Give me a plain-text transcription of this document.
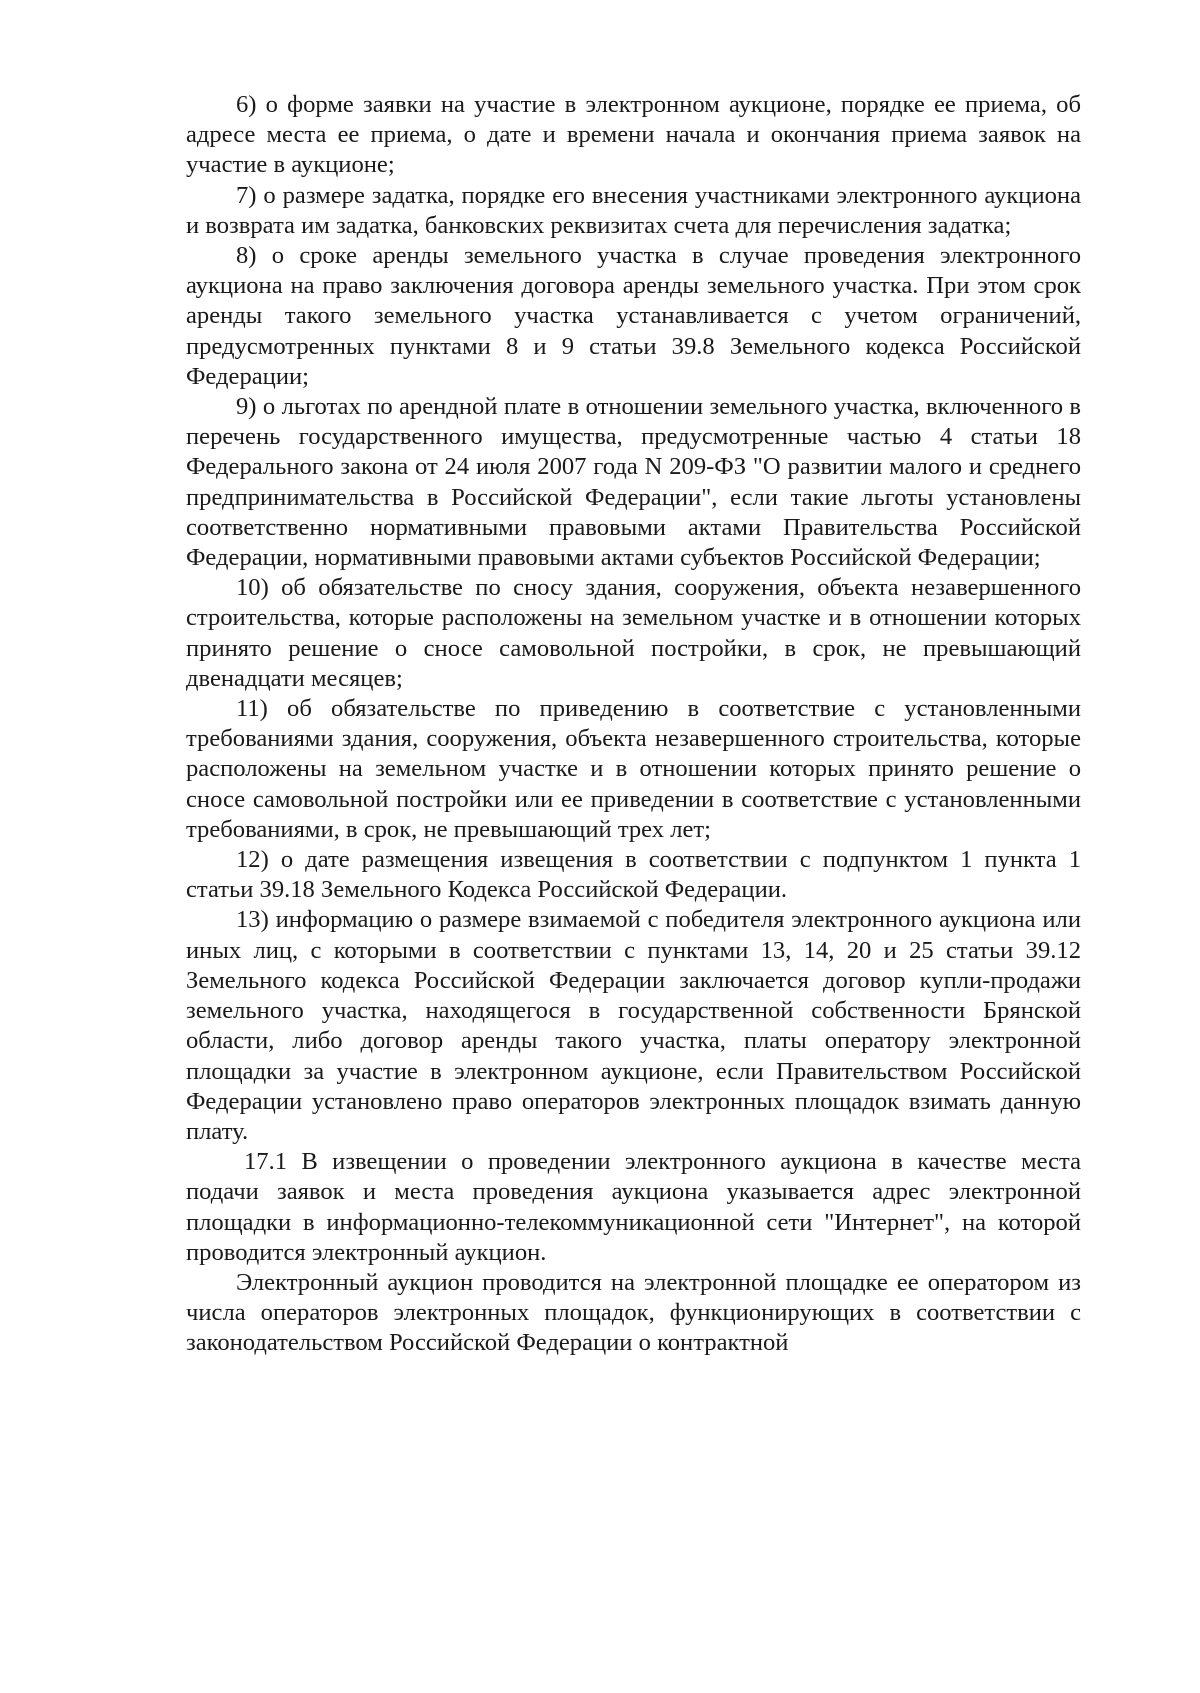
6) о форме заявки на участие в электронном аукционе, порядке ее приема, об адресе места ее приема, о дате и времени начала и окончания приема заявок на участие в аукционе;

7) о размере задатка, порядке его внесения участниками электронного аукциона и возврата им задатка, банковских реквизитах счета для перечисления задатка;

8) о сроке аренды земельного участка в случае проведения электронного аукциона на право заключения договора аренды земельного участка. При этом срок аренды такого земельного участка устанавливается с учетом ограничений, предусмотренных пунктами 8 и 9 статьи 39.8 Земельного кодекса Российской Федерации;

9) о льготах по арендной плате в отношении земельного участка, включенного в перечень государственного имущества, предусмотренные частью 4 статьи 18 Федерального закона от 24 июля 2007 года N 209-ФЗ "О развитии малого и среднего предпринимательства в Российской Федерации", если такие льготы установлены соответственно нормативными правовыми актами Правительства Российской Федерации, нормативными правовыми актами субъектов Российской Федерации;

10) об обязательстве по сносу здания, сооружения, объекта незавершенного строительства, которые расположены на земельном участке и в отношении которых принято решение о сносе самовольной постройки, в срок, не превышающий двенадцати месяцев;

11) об обязательстве по приведению в соответствие с установленными требованиями здания, сооружения, объекта незавершенного строительства, которые расположены на земельном участке и в отношении которых принято решение о сносе самовольной постройки или ее приведении в соответствие с установленными требованиями, в срок, не превышающий трех лет;

12) о дате размещения извещения в соответствии с подпунктом 1 пункта 1 статьи 39.18 Земельного Кодекса Российской Федерации.

13) информацию о размере взимаемой с победителя электронного аукциона или иных лиц, с которыми в соответствии с пунктами 13, 14, 20 и 25 статьи 39.12 Земельного кодекса Российской Федерации заключается договор купли-продажи земельного участка, находящегося в государственной собственности Брянской области, либо договор аренды такого участка, платы оператору электронной площадки за участие в электронном аукционе, если Правительством Российской Федерации установлено право операторов электронных площадок взимать данную плату.

17.1 В извещении о проведении электронного аукциона в качестве места подачи заявок и места проведения аукциона указывается адрес электронной площадки в информационно-телекоммуникационной сети "Интернет", на которой проводится электронный аукцион.

Электронный аукцион проводится на электронной площадке ее оператором из числа операторов электронных площадок, функционирующих в соответствии с законодательством Российской Федерации о контрактной
